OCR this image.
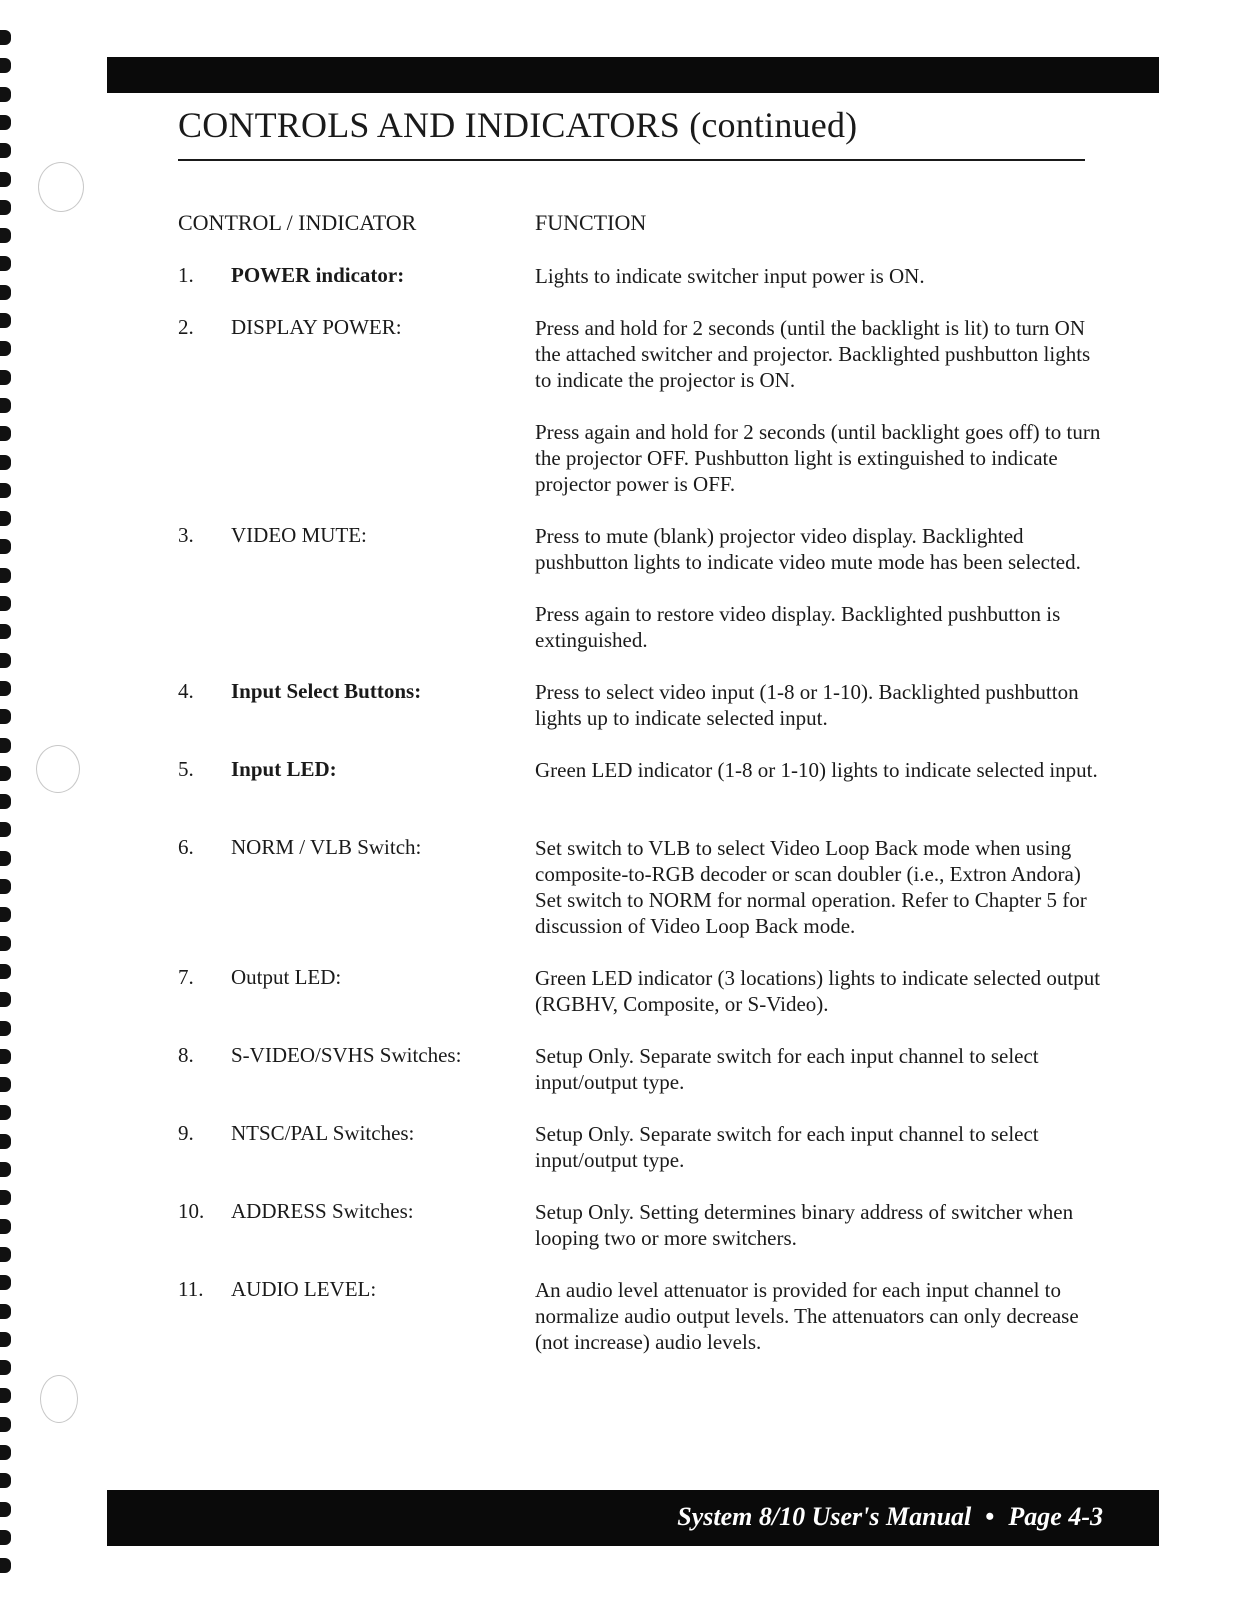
CONTROLS AND INDICATORS (continued)
CONTROL / INDICATOR	FUNCTION
1. POWER indicator:	Lights to indicate switcher input power is ON.

2. DISPLAY POWER:	Press and hold for 2 seconds (until the backlight is lit) to turn ON the attached switcher and projector. Backlighted pushbutton lights to indicate the projector is ON.

Press again and hold for 2 seconds (until backlight goes off) to turn the projector OFF. Pushbutton light is extinguished to indicate projector power is OFF.

3. VIDEO MUTE:	Press to mute (blank) projector video display. Backlighted pushbutton lights to indicate video mute mode has been selected.

Press again to restore video display. Backlighted pushbutton is extinguished.

4. Input Select Buttons:	Press to select video input (1-8 or 1-10). Backlighted pushbutton lights up to indicate selected input.

5. Input LED:	Green LED indicator (1-8 or 1-10) lights to indicate selected input.

6. NORM / VLB Switch:	Set switch to VLB to select Video Loop Back mode when using composite-to-RGB decoder or scan doubler (i.e., Extron Andora) Set switch to NORM for normal operation. Refer to Chapter 5 for discussion of Video Loop Back mode.

7. Output LED:	Green LED indicator (3 locations) lights to indicate selected output (RGBHV, Composite, or S-Video).

8. S-VIDEO/SVHS Switches:	Setup Only. Separate switch for each input channel to select input/output type.

9. NTSC/PAL Switches:	Setup Only. Separate switch for each input channel to select input/output type.

10. ADDRESS Switches:	Setup Only. Setting determines binary address of switcher when looping two or more switchers.

11. AUDIO LEVEL:	An audio level attenuator is provided for each input channel to normalize audio output levels. The attenuators can only decrease (not increase) audio levels.

System 8/10 User's Manual • Page 4-3
